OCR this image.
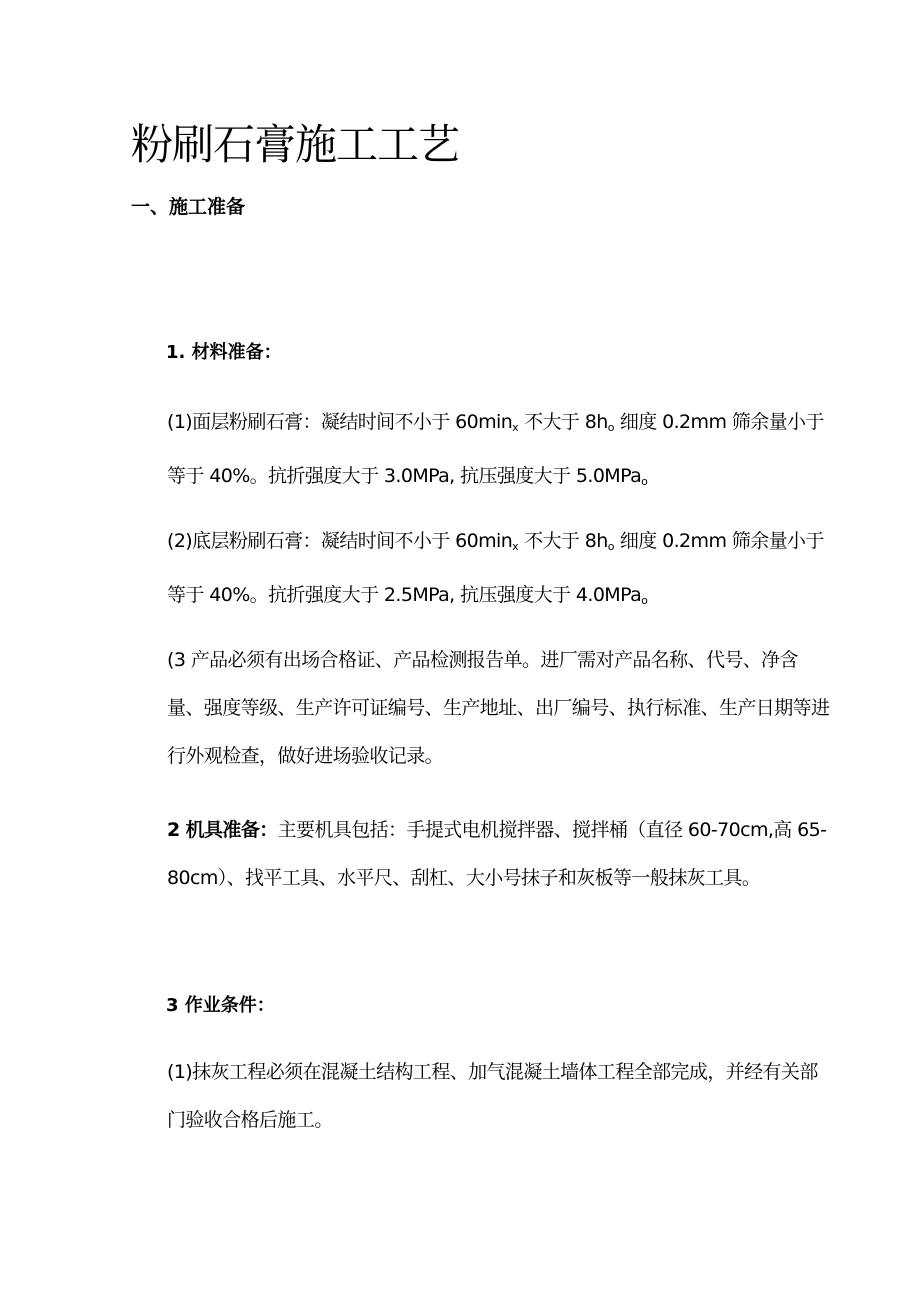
粉刷石膏施工工艺
一、施工准备
1. 材料准备：

(1)面层粉刷石膏：凝结时间不小于 $60\min_x$ 不大于 $8h_o$ 细度 0.2mm 筛余量小于等于 40%。抗折强度大于 3.0MPa, 抗压强度大于 5.0MPa$_o$

(2)底层粉刷石膏：凝结时间不小于 $60\min_x$ 不大于 $8h_o$ 细度 0.2mm 筛余量小于等于 40%。抗折强度大于 2.5MPa, 抗压强度大于 4.0MPa$_o$

(3 产品必须有出场合格证、产品检测报告单。进厂需对产品名称、代号、净含量、强度等级、生产许可证编号、生产地址、出厂编号、执行标准、生产日期等进行外观检查，做好进场验收记录。

2 机具准备：主要机具包括：手提式电机搅拌器、搅拌桶（直径 60-70cm,高 65-80cm）、找平工具、水平尺、刮杠、大小号抹子和灰板等一般抹灰工具。

3 作业条件：

(1)抹灰工程必须在混凝土结构工程、加气混凝土墙体工程全部完成，并经有关部门验收合格后施工。
